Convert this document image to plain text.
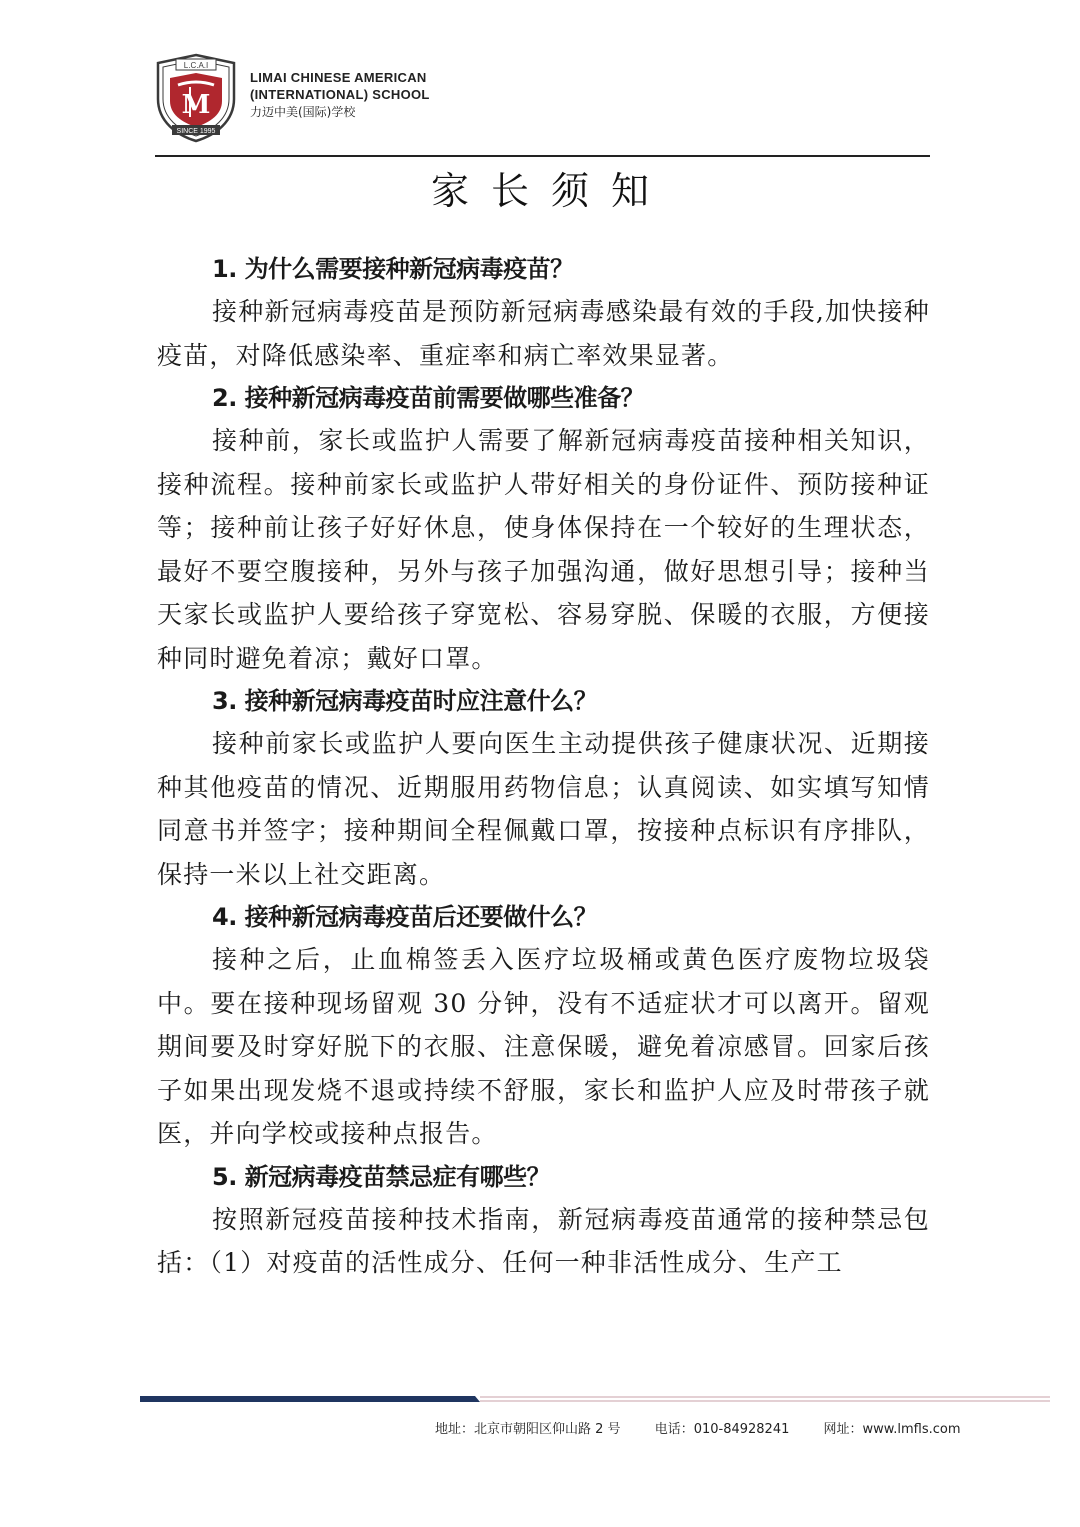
L.C.A.I
M
SINCE 1995
LIMAI CHINESE AMERICAN
(INTERNATIONAL) SCHOOL
力迈中美(国际)学校
家长须知

1. 为什么需要接种新冠病毒疫苗？

接种新冠病毒疫苗是预防新冠病毒感染最有效的手段,加快接种疫苗，对降低感染率、重症率和病亡率效果显著。

2. 接种新冠病毒疫苗前需要做哪些准备？

接种前，家长或监护人需要了解新冠病毒疫苗接种相关知识，接种流程。接种前家长或监护人带好相关的身份证件、预防接种证等；接种前让孩子好好休息，使身体保持在一个较好的生理状态，最好不要空腹接种，另外与孩子加强沟通，做好思想引导；接种当天家长或监护人要给孩子穿宽松、容易穿脱、保暖的衣服，方便接种同时避免着凉；戴好口罩。

3. 接种新冠病毒疫苗时应注意什么？

接种前家长或监护人要向医生主动提供孩子健康状况、近期接种其他疫苗的情况、近期服用药物信息；认真阅读、如实填写知情同意书并签字；接种期间全程佩戴口罩，按接种点标识有序排队，保持一米以上社交距离。

4. 接种新冠病毒疫苗后还要做什么？

接种之后，止血棉签丢入医疗垃圾桶或黄色医疗废物垃圾袋中。要在接种现场留观 30 分钟，没有不适症状才可以离开。留观期间要及时穿好脱下的衣服、注意保暖，避免着凉感冒。回家后孩子如果出现发烧不退或持续不舒服，家长和监护人应及时带孩子就医，并向学校或接种点报告。

5. 新冠病毒疫苗禁忌症有哪些？

按照新冠疫苗接种技术指南，新冠病毒疫苗通常的接种禁忌包括：（1）对疫苗的活性成分、任何一种非活性成分、生产工

地址：北京市朝阳区仰山路 2 号	电话：010-84928241	网址：www.lmfls.com
